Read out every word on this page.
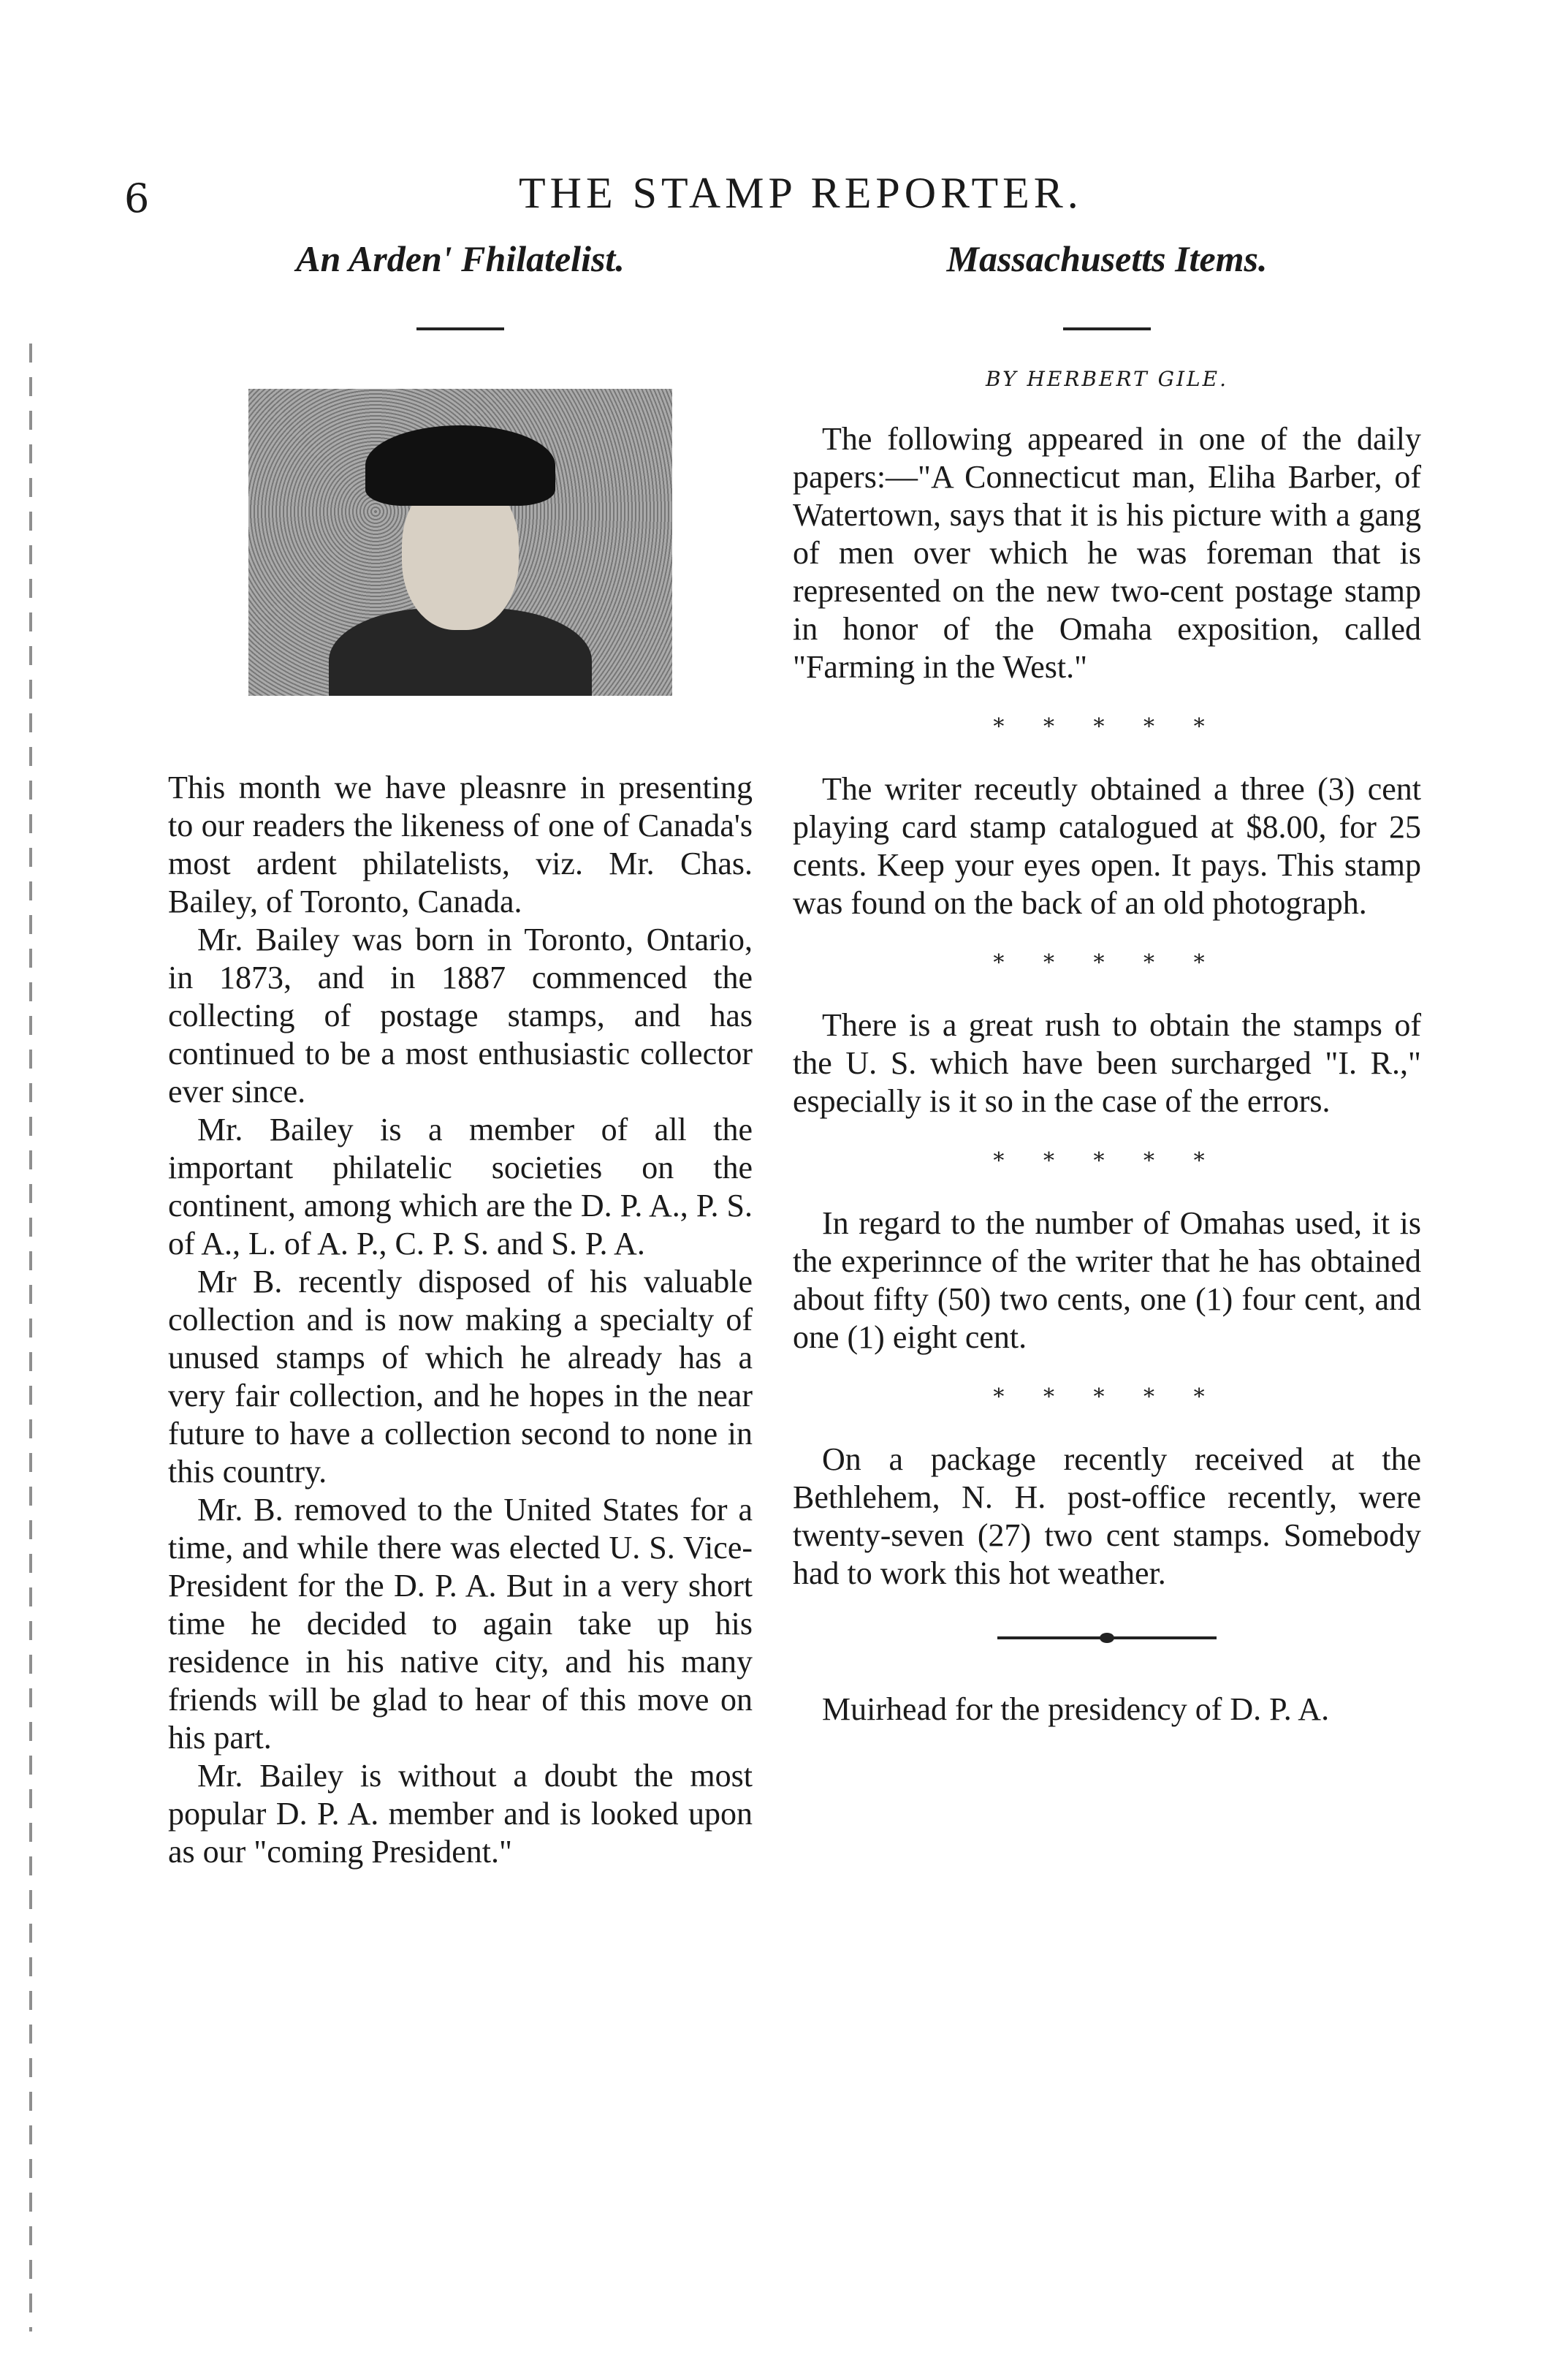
6	THE STAMP REPORTER.
An Arden' Fhilatelist.

This month we have pleasnre in presenting to our readers the likeness of one of Canada's most ardent philatelists, viz. Mr. Chas. Bailey, of Toronto, Canada.

Mr. Bailey was born in Toronto, Ontario, in 1873, and in 1887 commenced the collecting of postage stamps, and has continued to be a most enthusiastic collector ever since.

Mr. Bailey is a member of all the important philatelic societies on the continent, among which are the D. P. A., P. S. of A., L. of A. P., C. P. S. and S. P. A.

Mr B. recently disposed of his valuable collection and is now making a specialty of unused stamps of which he already has a very fair collection, and he hopes in the near future to have a collection second to none in this country.

Mr. B. removed to the United States for a time, and while there was elected U. S. Vice-President for the D. P. A. But in a very short time he decided to again take up his residence in his native city, and his many friends will be glad to hear of this move on his part.

Mr. Bailey is without a doubt the most popular D. P. A. member and is looked upon as our "coming President."

Massachusetts Items.
BY HERBERT GILE.

The following appeared in one of the daily papers:—"A Connecticut man, Eliha Barber, of Watertown, says that it is his picture with a gang of men over which he was foreman that is represented on the new two-cent postage stamp in honor of the Omaha exposition, called "Farming in the West."

* * * * *

The writer receutly obtained a three (3) cent playing card stamp catalogued at $8.00, for 25 cents. Keep your eyes open. It pays. This stamp was found on the back of an old photograph.

* * * * *

There is a great rush to obtain the stamps of the U. S. which have been surcharged "I. R.," especially is it so in the case of the errors.

* * * * *

In regard to the number of Omahas used, it is the experinnce of the writer that he has obtained about fifty (50) two cents, one (1) four cent, and one (1) eight cent.

* * * * *

On a package recently received at the Bethlehem, N. H. post-office recently, were twenty-seven (27) two cent stamps. Somebody had to work this hot weather.

Muirhead for the presidency of D. P. A.
